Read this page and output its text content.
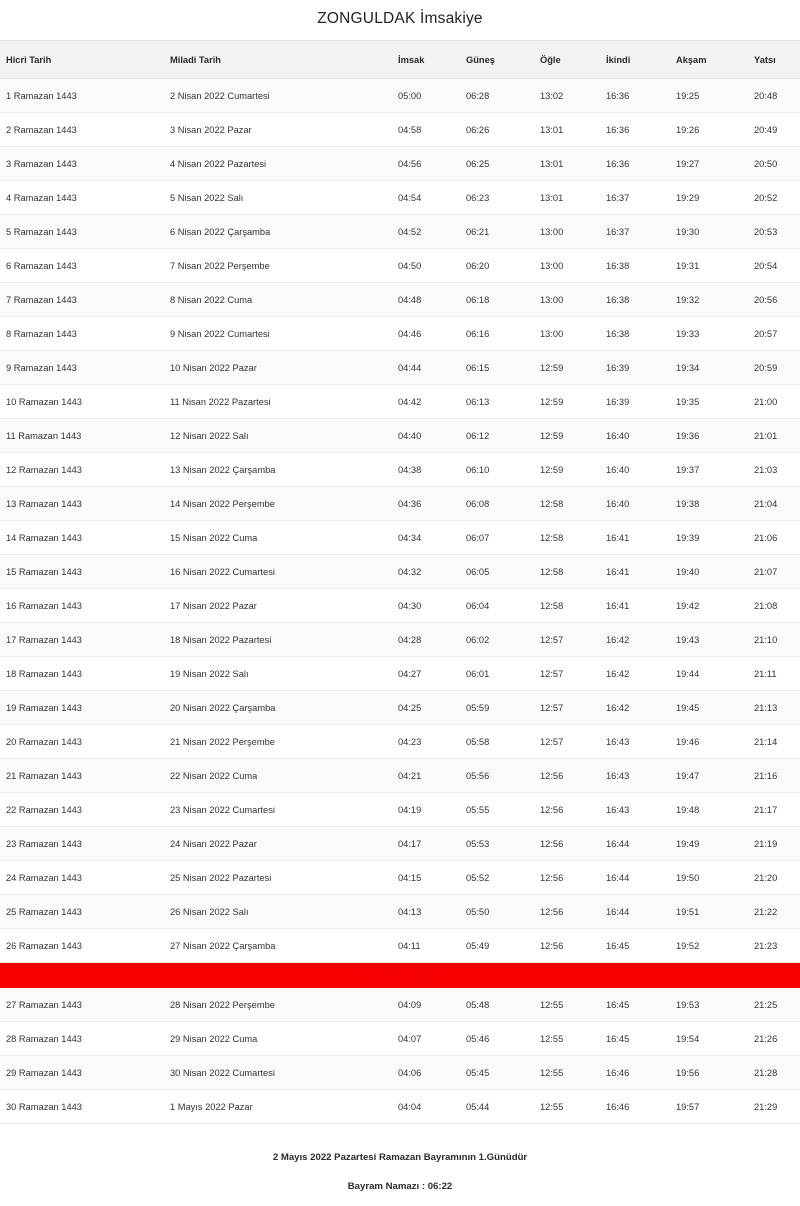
ZONGULDAK İmsakiye
Hicri Tarih	Miladi Tarih	İmsak	Güneş	Öğle	İkindi	Akşam	Yatsı
1 Ramazan 1443	2 Nisan 2022 Cumartesi	05:00	06:28	13:02	16:36	19:25	20:48
2 Ramazan 1443	3 Nisan 2022 Pazar	04:58	06:26	13:01	16:36	19:26	20:49
3 Ramazan 1443	4 Nisan 2022 Pazartesi	04:56	06:25	13:01	16:36	19:27	20:50
4 Ramazan 1443	5 Nisan 2022 Salı	04:54	06:23	13:01	16:37	19:29	20:52
5 Ramazan 1443	6 Nisan 2022 Çarşamba	04:52	06:21	13:00	16:37	19:30	20:53
6 Ramazan 1443	7 Nisan 2022 Perşembe	04:50	06:20	13:00	16:38	19:31	20:54
7 Ramazan 1443	8 Nisan 2022 Cuma	04:48	06:18	13:00	16:38	19:32	20:56
8 Ramazan 1443	9 Nisan 2022 Cumartesi	04:46	06:16	13:00	16:38	19:33	20:57
9 Ramazan 1443	10 Nisan 2022 Pazar	04:44	06:15	12:59	16:39	19:34	20:59
10 Ramazan 1443	11 Nisan 2022 Pazartesi	04:42	06:13	12:59	16:39	19:35	21:00
11 Ramazan 1443	12 Nisan 2022 Salı	04:40	06:12	12:59	16:40	19:36	21:01
12 Ramazan 1443	13 Nisan 2022 Çarşamba	04:38	06:10	12:59	16:40	19:37	21:03
13 Ramazan 1443	14 Nisan 2022 Perşembe	04:36	06:08	12:58	16:40	19:38	21:04
14 Ramazan 1443	15 Nisan 2022 Cuma	04:34	06:07	12:58	16:41	19:39	21:06
15 Ramazan 1443	16 Nisan 2022 Cumartesi	04:32	06:05	12:58	16:41	19:40	21:07
16 Ramazan 1443	17 Nisan 2022 Pazar	04:30	06:04	12:58	16:41	19:42	21:08
17 Ramazan 1443	18 Nisan 2022 Pazartesi	04:28	06:02	12:57	16:42	19:43	21:10
18 Ramazan 1443	19 Nisan 2022 Salı	04:27	06:01	12:57	16:42	19:44	21:11
19 Ramazan 1443	20 Nisan 2022 Çarşamba	04:25	05:59	12:57	16:42	19:45	21:13
20 Ramazan 1443	21 Nisan 2022 Perşembe	04:23	05:58	12:57	16:43	19:46	21:14
21 Ramazan 1443	22 Nisan 2022 Cuma	04:21	05:56	12:56	16:43	19:47	21:16
22 Ramazan 1443	23 Nisan 2022 Cumartesi	04:19	05:55	12:56	16:43	19:48	21:17
23 Ramazan 1443	24 Nisan 2022 Pazar	04:17	05:53	12:56	16:44	19:49	21:19
24 Ramazan 1443	25 Nisan 2022 Pazartesi	04:15	05:52	12:56	16:44	19:50	21:20
25 Ramazan 1443	26 Nisan 2022 Salı	04:13	05:50	12:56	16:44	19:51	21:22
26 Ramazan 1443	27 Nisan 2022 Çarşamba	04:11	05:49	12:56	16:45	19:52	21:23
KADİR GECESİ							
27 Ramazan 1443	28 Nisan 2022 Perşembe	04:09	05:48	12:55	16:45	19:53	21:25
28 Ramazan 1443	29 Nisan 2022 Cuma	04:07	05:46	12:55	16:45	19:54	21:26
29 Ramazan 1443	30 Nisan 2022 Cumartesi	04:06	05:45	12:55	16:46	19:56	21:28
30 Ramazan 1443	1 Mayıs 2022 Pazar	04:04	05:44	12:55	16:46	19:57	21:29
2 Mayıs 2022 Pazartesi Ramazan Bayramının 1.Günüdür
Bayram Namazı : 06:22
